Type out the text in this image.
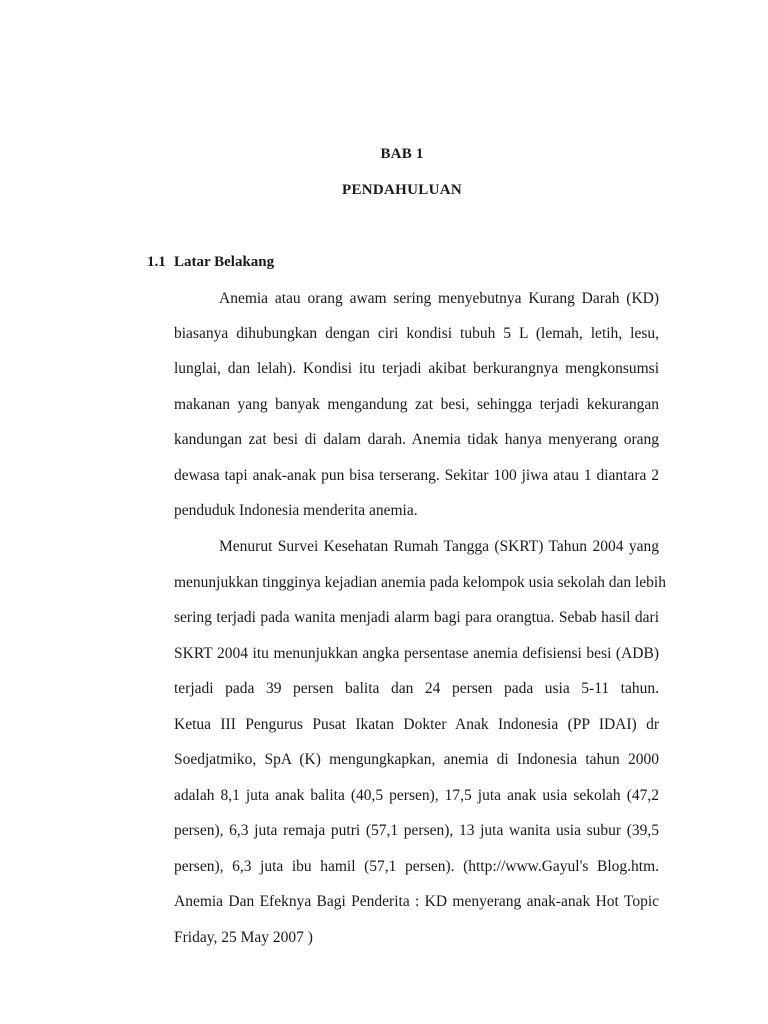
BAB 1
PENDAHULUAN
1.1 Latar Belakang
Anemia atau orang awam sering menyebutnya Kurang Darah (KD)
biasanya dihubungkan dengan ciri kondisi tubuh 5 L (lemah, letih, lesu,
lunglai, dan lelah). Kondisi itu terjadi akibat berkurangnya mengkonsumsi
makanan yang banyak mengandung zat besi, sehingga terjadi kekurangan
kandungan zat besi di dalam darah. Anemia tidak hanya menyerang orang
dewasa tapi anak-anak pun bisa terserang. Sekitar 100 jiwa atau 1 diantara 2
penduduk Indonesia menderita anemia.
Menurut Survei Kesehatan Rumah Tangga (SKRT) Tahun 2004 yang
menunjukkan tingginya kejadian anemia pada kelompok usia sekolah dan lebih
sering terjadi pada wanita menjadi alarm bagi para orangtua. Sebab hasil dari
SKRT 2004 itu menunjukkan angka persentase anemia defisiensi besi (ADB)
terjadi pada 39 persen balita dan 24 persen pada usia 5-11 tahun.
Ketua III Pengurus Pusat Ikatan Dokter Anak Indonesia (PP IDAI) dr
Soedjatmiko, SpA (K) mengungkapkan, anemia di Indonesia tahun 2000
adalah 8,1 juta anak balita (40,5 persen), 17,5 juta anak usia sekolah (47,2
persen), 6,3 juta remaja putri (57,1 persen), 13 juta wanita usia subur (39,5
persen), 6,3 juta ibu hamil (57,1 persen). (http://www.Gayul's Blog.htm.
Anemia Dan Efeknya Bagi Penderita : KD menyerang anak-anak Hot Topic
Friday, 25 May 2007 )
